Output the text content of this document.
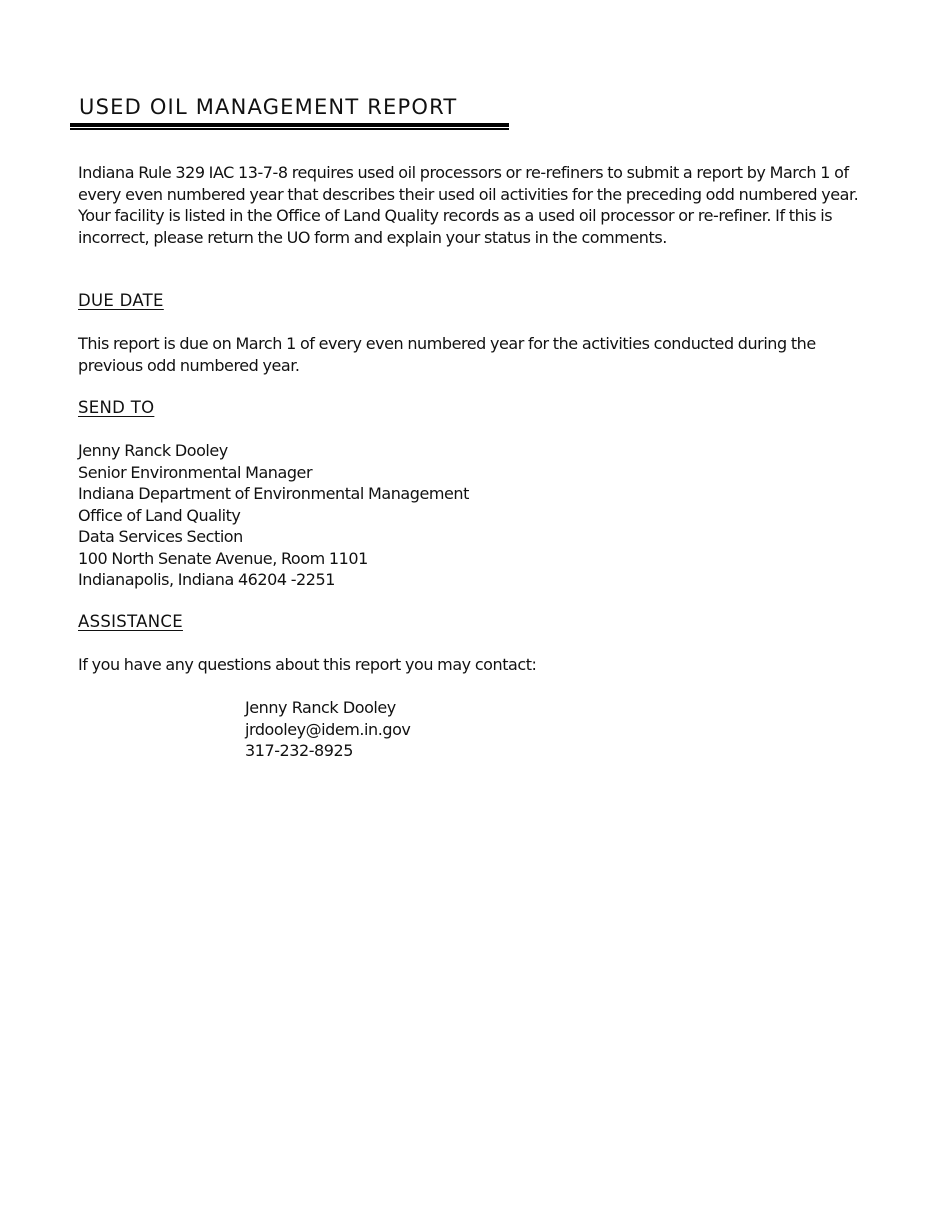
USED OIL MANAGEMENT REPORT

Indiana Rule 329 IAC 13-7-8 requires used oil processors or re-refiners to submit a report by March 1 of
every even numbered year that describes their used oil activities for the preceding odd numbered year.
Your facility is listed in the Office of Land Quality records as a used oil processor or re-refiner. If this is
incorrect, please return the UO form and explain your status in the comments.

DUE DATE

This report is due on March 1 of every even numbered year for the activities conducted during the
previous odd numbered year.

SEND TO

Jenny Ranck Dooley
Senior Environmental Manager
Indiana Department of Environmental Management
Office of Land Quality
Data Services Section
100 North Senate Avenue, Room 1101
Indianapolis, Indiana 46204 -2251

ASSISTANCE

If you have any questions about this report you may contact:

Jenny Ranck Dooley
jrdooley@idem.in.gov
317-232-8925
